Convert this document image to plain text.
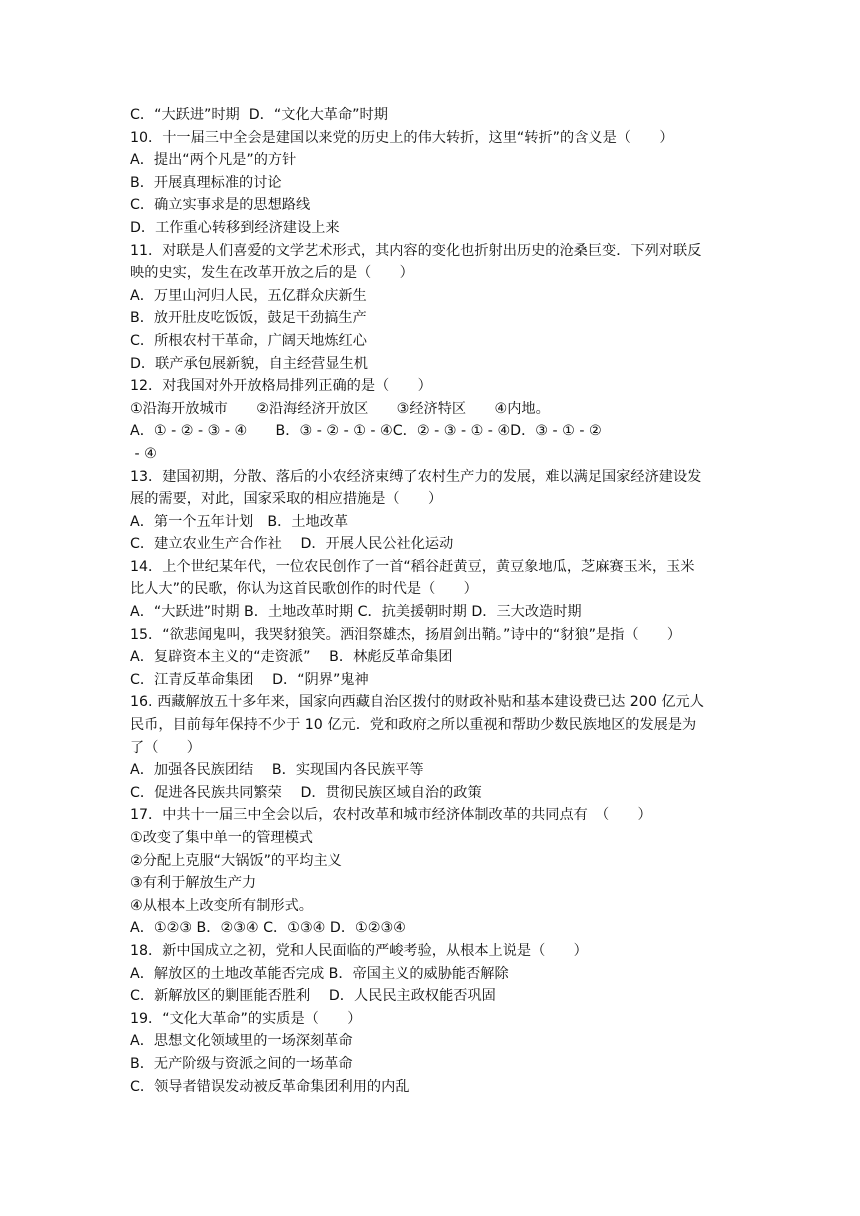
C．“大跃进”时期  D．“文化大革命”时期
10．十一届三中全会是建国以来党的历史上的伟大转折，这里“转折”的含义是（　　）
A．提出“两个凡是”的方针
B．开展真理标准的讨论
C．确立实事求是的思想路线
D．工作重心转移到经济建设上来
11．对联是人们喜爱的文学艺术形式，其内容的变化也折射出历史的沧桑巨变．下列对联反
映的史实，发生在改革开放之后的是（　　）
A．万里山河归人民，五亿群众庆新生
B．放开肚皮吃饭饭，鼓足干劲搞生产
C．所根农村干革命，广阔天地炼红心
D．联产承包展新貌，自主经营显生机
12．对我国对外开放格局排列正确的是（　　）
①沿海开放城市　　②沿海经济开放区　　③经济特区　　④内地。
A．① - ② - ③ - ④　　B．③ - ② - ① - ④C．② - ③ - ① - ④D．③ - ① - ②
- ④
13．建国初期，分散、落后的小农经济束缚了农村生产力的发展，难以满足国家经济建设发
展的需要，对此，国家采取的相应措施是（　　）
A．第一个五年计划　B．土地改革
C．建立农业生产合作社　 D．开展人民公社化运动
14．上个世纪某年代，一位农民创作了一首“稻谷赶黄豆，黄豆象地瓜，芝麻赛玉米，玉米
比人大”的民歌，你认为这首民歌创作的时代是（　　）
A．“大跃进”时期 B．土地改革时期 C．抗美援朝时期 D．三大改造时期
15．“欲悲闻鬼叫，我哭豺狼笑。洒泪祭雄杰，扬眉剑出鞘。”诗中的“豺狼”是指（　　）
A．复辟资本主义的“走资派”　 B．林彪反革命集团
C．江青反革命集团　 D．“阴界”鬼神
16. 西藏解放五十多年来，国家向西藏自治区拨付的财政补贴和基本建设费已达 200 亿元人
民币，目前每年保持不少于 10 亿元．党和政府之所以重视和帮助少数民族地区的发展是为
了（　　）
A．加强各民族团结　 B．实现国内各民族平等
C．促进各民族共同繁荣　 D．贯彻民族区域自治的政策
17．中共十一届三中全会以后，农村改革和城市经济体制改革的共同点有　（　　）
①改变了集中单一的管理模式
②分配上克服“大锅饭”的平均主义
③有利于解放生产力
④从根本上改变所有制形式。
A．①②③ B．②③④ C．①③④ D．①②③④
18．新中国成立之初，党和人民面临的严峻考验，从根本上说是（　　）
A．解放区的土地改革能否完成 B．帝国主义的威胁能否解除
C．新解放区的剿匪能否胜利　 D．人民民主政权能否巩固
19．“文化大革命”的实质是（　　）
A．思想文化领域里的一场深刻革命
B．无产阶级与资派之间的一场革命
C．领导者错误发动被反革命集团利用的内乱
